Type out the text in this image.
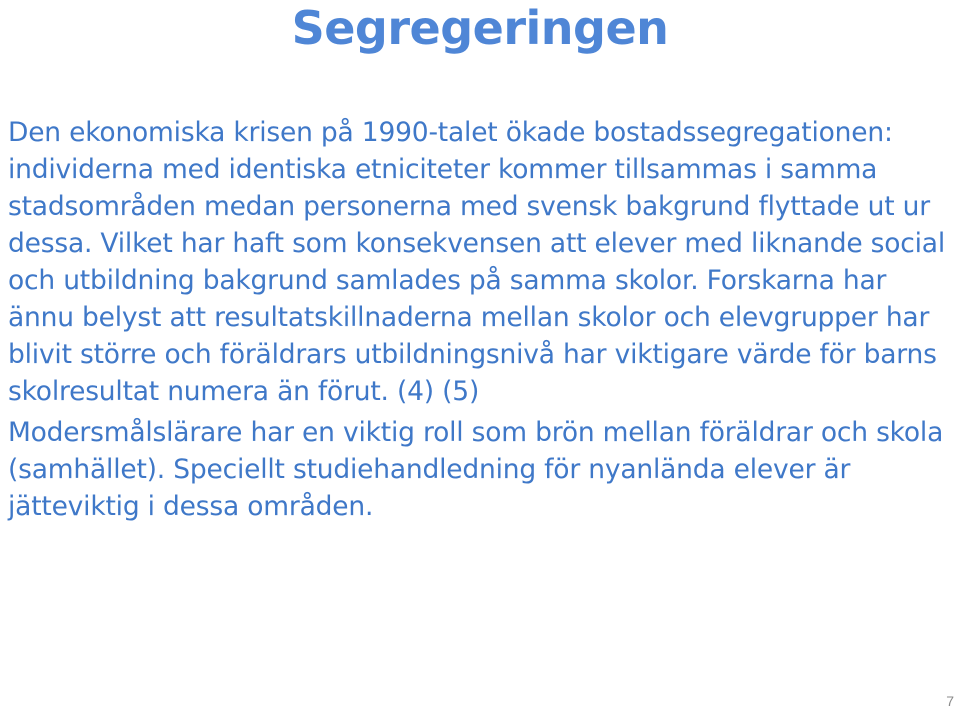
Segregeringen

Den ekonomiska krisen på 1990-talet ökade bostadssegregationen: individerna med identiska etniciteter kommer tillsammas i samma stadsområden medan personerna med svensk bakgrund flyttade ut ur dessa. Vilket har haft som konsekvensen att elever med liknande social och utbildning bakgrund samlades på samma skolor. Forskarna har ännu belyst att resultatskillnaderna mellan skolor och elevgrupper har blivit större och föräldrars utbildningsnivå har viktigare värde för barns skolresultat numera än förut. (4) (5)

Modersmålslärare har en viktig roll som brön mellan föräldrar och skola (samhället). Speciellt studiehandledning för nyanlända elever är jätteviktig i dessa områden.

7
